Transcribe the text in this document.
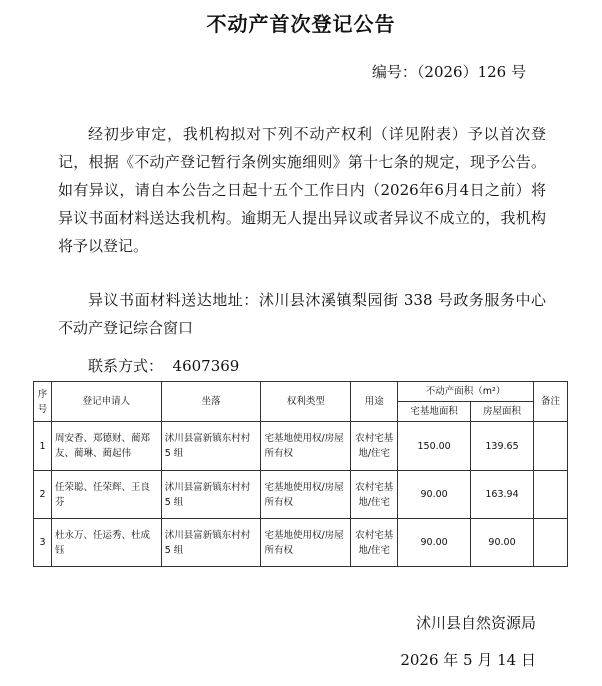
不动产首次登记公告
编号：（2026）126 号
经初步审定，我机构拟对下列不动产权利（详见附表）予以首次登记，根据《不动产登记暂行条例实施细则》第十七条的规定，现予公告。如有异议，请自本公告之日起十五个工作日内（2026年6月4日之前）将异议书面材料送达我机构。逾期无人提出异议或者异议不成立的，我机构将予以登记。
异议书面材料送达地址：沭川县沐溪镇梨园街 338 号政务服务中心不动产登记综合窗口
联系方式：  4607369
序号	登记申请人	坐落	权利类型	用途	不动产面积（m²）		备注
					宅基地面积	房屋面积	
1	周安香、郑德财、蔺郑友、蔺琳、蔺起伟	沭川县富新镇东村村 5 组	宅基地使用权/房屋所有权	农村宅基地/住宅	150.00	139.65	
2	任荣聪、任荣辉、王良芬	沭川县富新镇东村村 5 组	宅基地使用权/房屋所有权	农村宅基地/住宅	90.00	163.94	
3	杜永万、任运秀、杜成钰	沭川县富新镇东村村 5 组	宅基地使用权/房屋所有权	农村宅基地/住宅	90.00	90.00	
沭川县自然资源局
2026 年 5 月 14 日
